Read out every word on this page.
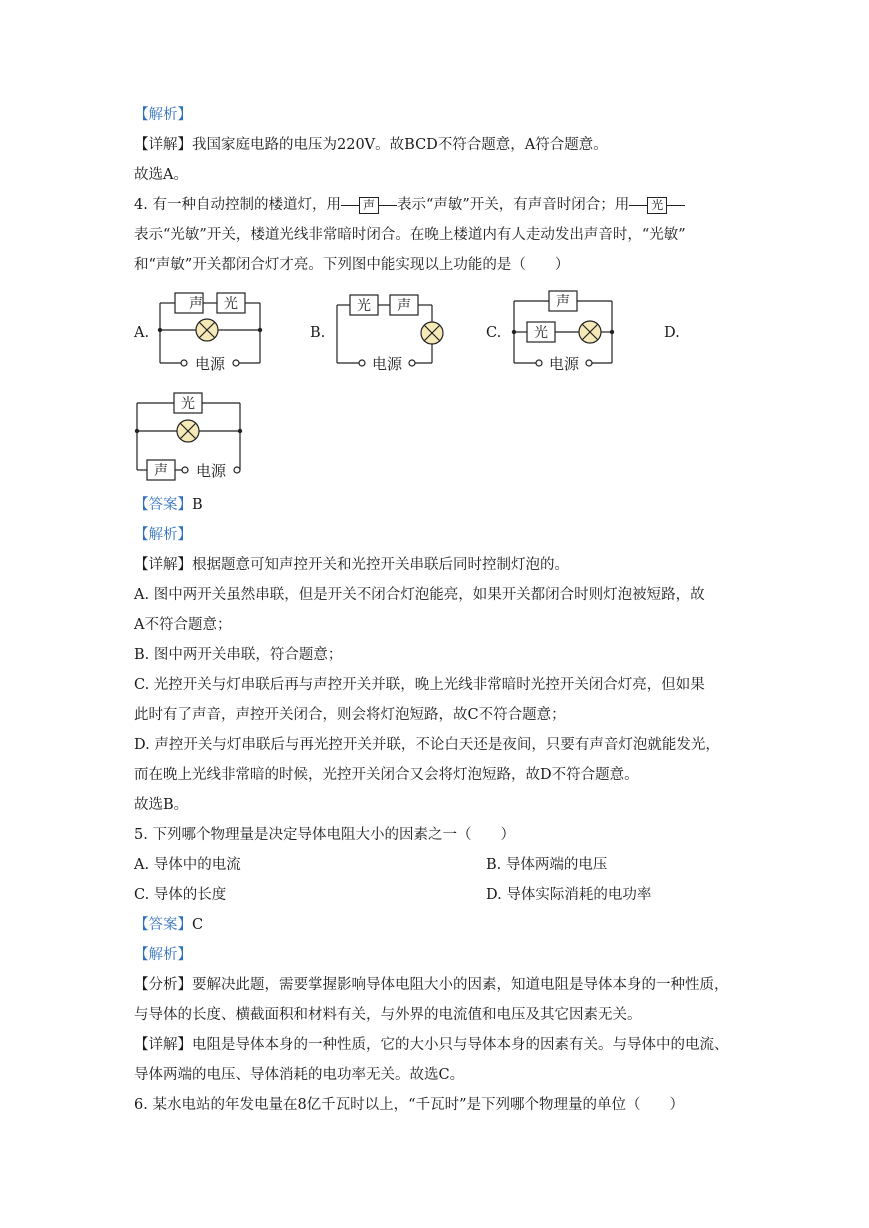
【解析】
【详解】我国家庭电路的电压为220V。故BCD不符合题意，A符合题意。
故选A。
4. 有一种自动控制的楼道灯，用 声 表示“声敏”开关，有声音时闭合；用 光
表示“光敏”开关，楼道光线非常暗时闭合。在晚上楼道内有人走动发出声音时，“光敏”
和“声敏”开关都闭合灯才亮。下列图中能实现以上功能的是（　　）
A.	B.	C.	D.
声 光
电源
光 声
电源
声
光
电源
光
声 电源
【答案】B
【解析】
【详解】根据题意可知声控开关和光控开关串联后同时控制灯泡的。
A. 图中两开关虽然串联，但是开关不闭合灯泡能亮，如果开关都闭合时则灯泡被短路，故
A不符合题意；
B. 图中两开关串联，符合题意；
C. 光控开关与灯串联后再与声控开关并联，晚上光线非常暗时光控开关闭合灯亮，但如果
此时有了声音，声控开关闭合，则会将灯泡短路，故C不符合题意；
D. 声控开关与灯串联后与再光控开关并联，不论白天还是夜间，只要有声音灯泡就能发光，
而在晚上光线非常暗的时候，光控开关闭合又会将灯泡短路，故D不符合题意。
故选B。
5. 下列哪个物理量是决定导体电阻大小的因素之一（　　）
A. 导体中的电流	B. 导体两端的电压
C. 导体的长度	D. 导体实际消耗的电功率
【答案】C
【解析】
【分析】要解决此题，需要掌握影响导体电阻大小的因素，知道电阻是导体本身的一种性质，
与导体的长度、横截面积和材料有关，与外界的电流值和电压及其它因素无关。
【详解】电阻是导体本身的一种性质，它的大小只与导体本身的因素有关。与导体中的电流、
导体两端的电压、导体消耗的电功率无关。故选C。
6. 某水电站的年发电量在8亿千瓦时以上，“千瓦时”是下列哪个物理量的单位（　　）
